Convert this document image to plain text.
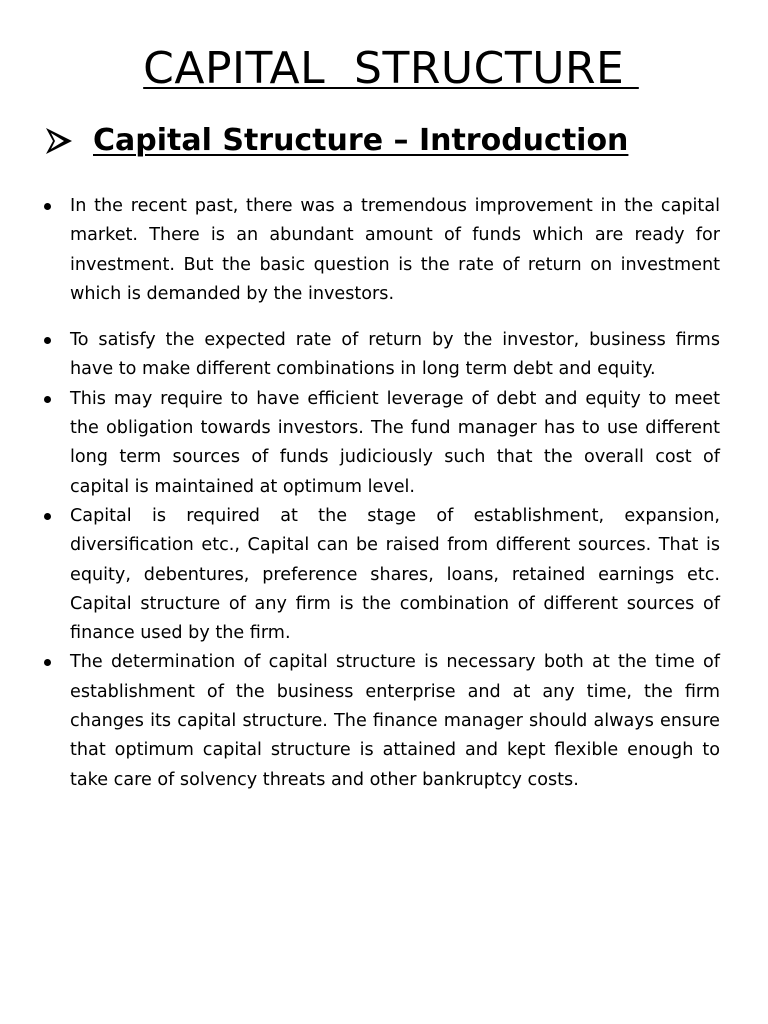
CAPITAL  STRUCTURE
Capital Structure – Introduction
In the recent past, there was a tremendous improvement in the capital market. There is an abundant amount of funds which are ready for investment. But the basic question is the rate of return on investment which is demanded by the investors.
To satisfy the expected rate of return by the investor, business firms have to make different combinations in long term debt and equity.
This may require to have efficient leverage of debt and equity to meet the obligation towards investors. The fund manager has to use different long term sources of funds judiciously such that the overall cost of capital is maintained at optimum level.
Capital is required at the stage of establishment, expansion, diversification etc., Capital can be raised from different sources. That is equity, debentures, preference shares, loans, retained earnings etc. Capital structure of any firm is the combination of different sources of finance used by the firm.
The determination of capital structure is necessary both at the time of establishment of the business enterprise and at any time, the firm changes its capital structure. The finance manager should always ensure that optimum capital structure is attained and kept flexible enough to take care of solvency threats and other bankruptcy costs.
